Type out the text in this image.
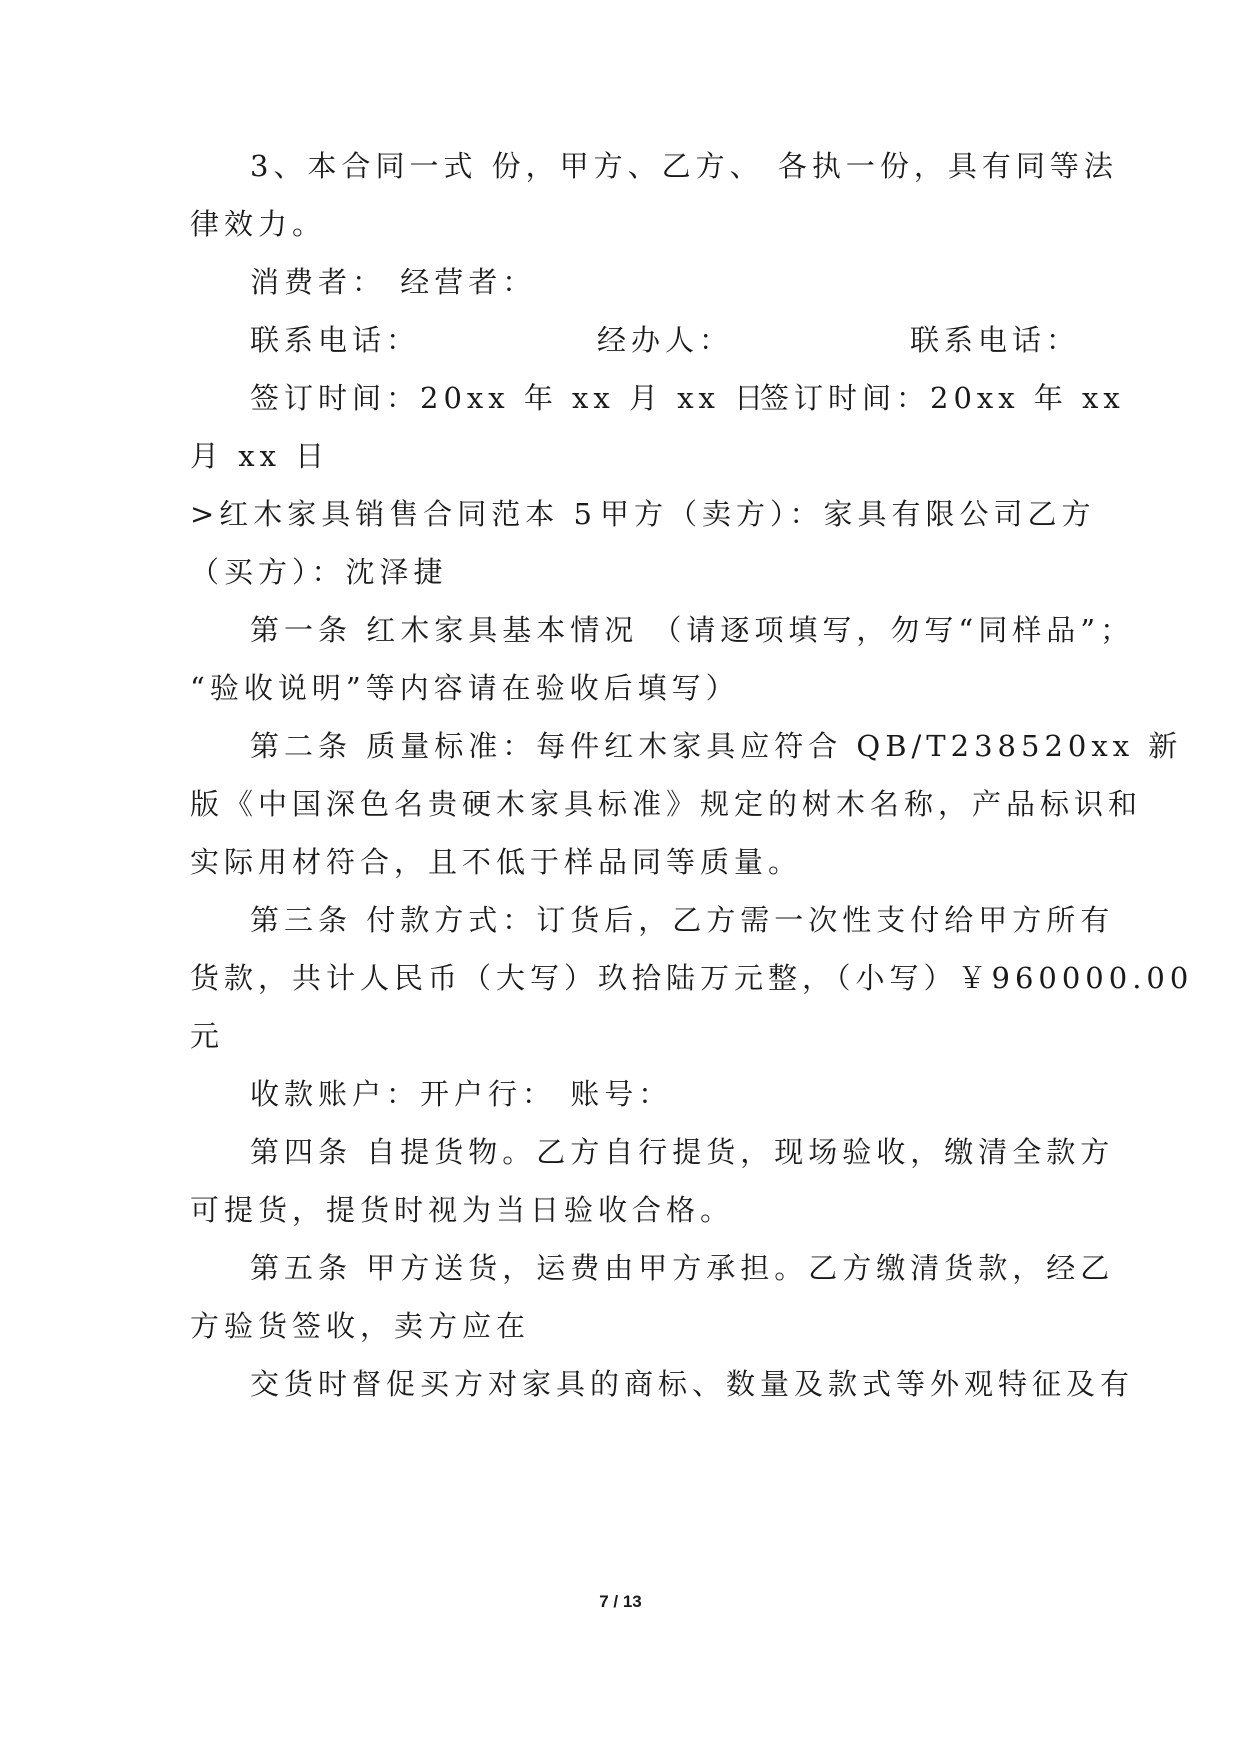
3、本合同一式 份，甲方、乙方、 各执一份，具有同等法
律效力。
消费者： 经营者：
联系电话：	经办人：	联系电话：
签订时间：20xx 年 xx 月 xx 日
签订时间：20xx 年 xx
月 xx 日
>红木家具销售合同范本 5 甲方（卖方）：家具有限公司乙方
（买方）：沈泽捷
第一条 红木家具基本情况 （请逐项填写，勿写“同样品”；
“验收说明”等内容请在验收后填写）
第二条 质量标准：每件红木家具应符合 QB/T238520xx 新
版《中国深色名贵硬木家具标准》规定的树木名称，产品标识和
实际用材符合，且不低于样品同等质量。
第三条 付款方式：订货后，乙方需一次性支付给甲方所有
货款，共计人民币（大写）玖拾陆万元整，（小写）￥960000.00
元
收款账户：开户行： 账号：
第四条 自提货物。乙方自行提货，现场验收，缴清全款方
可提货，提货时视为当日验收合格。
第五条 甲方送货，运费由甲方承担。乙方缴清货款，经乙
方验货签收，卖方应在
交货时督促买方对家具的商标、数量及款式等外观特征及有
7 / 13
